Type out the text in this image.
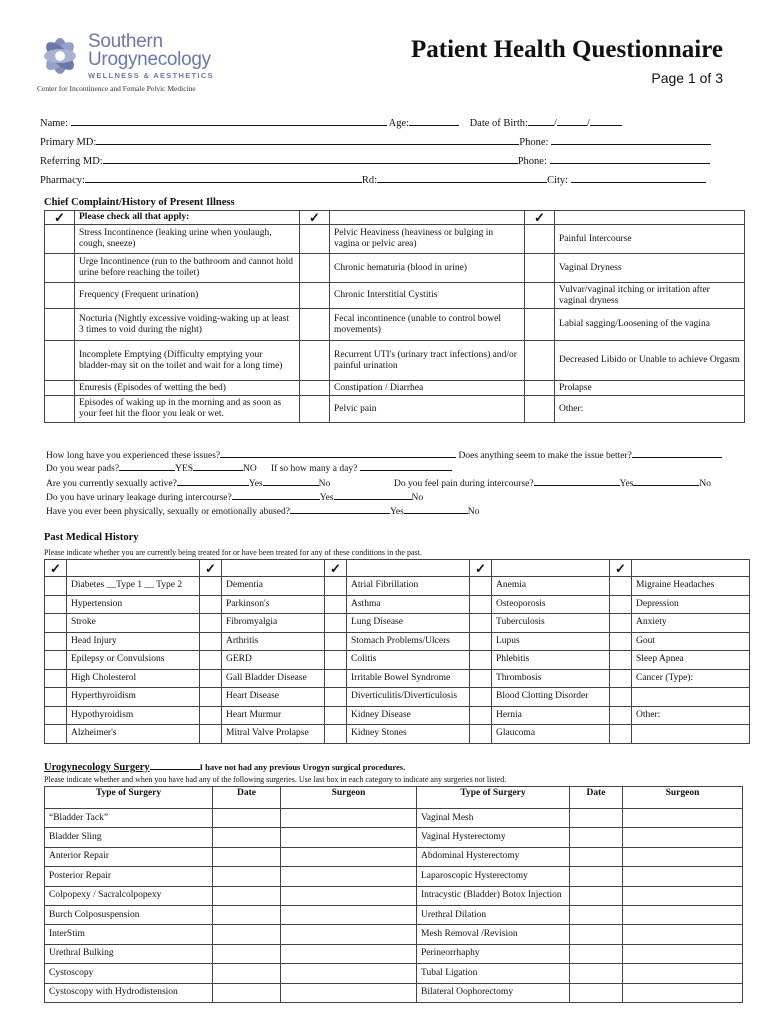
Southern
Urogynecology
WELLNESS & AESTHETICS
Center for Incontinence and Female Pelvic Medicine
Patient Health Questionnaire
Page 1 of 3
Name:	Age:	Date of Birth: /	/
Primary MD:	Phone:
Referring MD:	Phone:
Pharmacy:	Rd:	City:
Chief Complaint/History of Present Illness
✓	Please check all that apply:	✓		✓	
	Stress Incontinence (leaking urine when youlaugh, cough, sneeze)		Pelvic Heaviness (heaviness or bulging in vagina or pelvic area)		Painful Intercourse
	Urge Incontinence (run to the bathroom and cannot hold urine before reaching the toilet)		Chronic hematuria (blood in urine)		Vaginal Dryness
	Frequency (Frequent urination)		Chronic Interstitial Cystitis		Vulvar/vaginal itching or irritation after vaginal dryness
	Nocturia (Nightly excessive voiding-waking up at least 3 times to void during the night)		Fecal incontinence (unable to control bowel movements)		Labial sagging/Loosening of the vagina
	Incomplete Emptying (Difficulty emptying your bladder-may sit on the toilet and wait for a long time)		Recurrent UTI's (urinary tract infections) and/or painful urination		Decreased Libido or Unable to achieve Orgasm
	Enuresis (Episodes of wetting the bed)		Constipation / Diarrhea		Prolapse
	Episodes of waking up in the morning and as soon as your feet hit the floor you leak or wet.		Pelvic pain		Other:
How long have you experienced these issues?	Does anything seem to make the issue better?
Do you wear pads?	YES	NO If so how many a day?
Are you currently sexually active?	Yes	No	Do you feel pain during intercourse?	Yes	No
Do you have urinary leakage during intercourse?	Yes	No
Have you ever been physically, sexually or emotionally abused?	Yes	No
Past Medical History
Please indicate whether you are currently being treated for or have been treated for any of these conditions in the past.
✓		✓		✓		✓		✓	
	Diabetes __Type 1 __ Type 2		Dementia		Atrial Fibrillation		Anemia		Migraine Headaches
	Hypertension		Parkinson's		Asthma		Osteoporosis		Depression
	Stroke		Fibromyalgia		Lung Disease		Tuberculosis		Anxiety
	Head Injury		Arthritis		Stomach Problems/Ulcers		Lupus		Gout
	Epilepsy or Convulsions		GERD		Colitis		Phlebitis		Sleep Apnea
	High Cholesterol		Gall Bladder Disease		Irritable Bowel Syndrome		Thrombosis		Cancer (Type):
	Hyperthyroidism		Heart Disease		Diverticulitis/Diverticulosis		Blood Clotting Disorder		
	Hypothyroidism		Heart Murmur		Kidney Disease		Hernia		Other:
	Alzheimer's		Mitral Valve Prolapse		Kidney Stones		Glaucoma		
Urogynecology Surgery	I have not had any previous Urogyn surgical procedures.
Please indicate whether and when you have had any of the following surgeries. Use last box in each category to indicate any surgeries not listed.
Type of Surgery	Date	Surgeon	Type of Surgery	Date	Surgeon
“Bladder Tack”			Vaginal Mesh		
Bladder Sling			Vaginal Hysterectomy		
Anterior Repair			Abdominal Hysterectomy		
Posterior Repair			Laparoscopic Hysterectomy		
Colpopexy / Sacralcolpopexy			Intracystic (Bladder) Botox Injection		
Burch Colposuspension			Urethral Dilation		
InterStim			Mesh Removal /Revision		
Urethral Bulking			Perineorrhaphy		
Cystoscopy			Tubal Ligation		
Cystoscopy with Hydrodistension			Bilateral Oophorectomy		
